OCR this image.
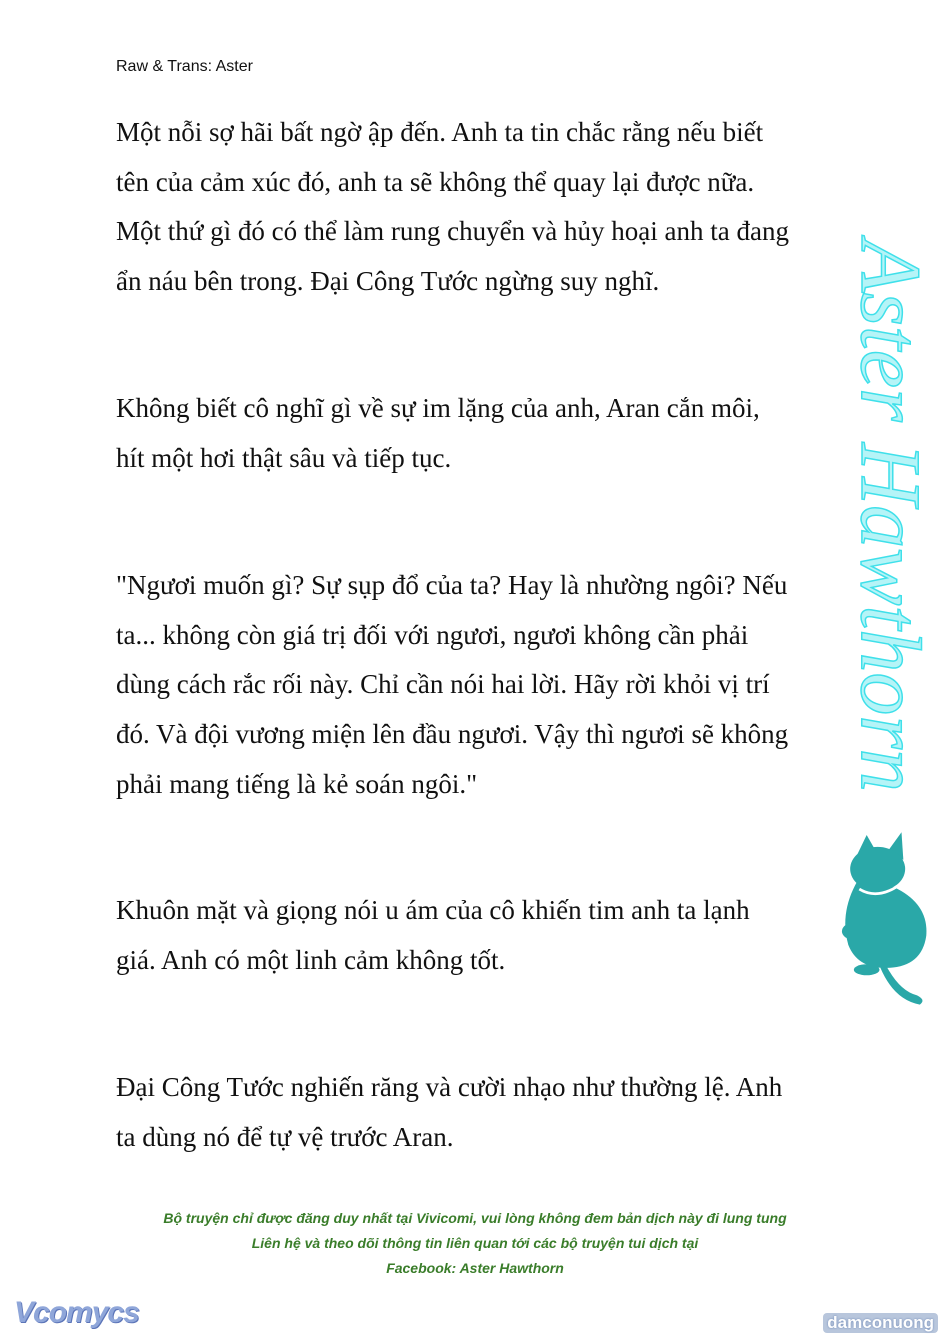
Raw & Trans: Aster
Một nỗi sợ hãi bất ngờ ập đến. Anh ta tin chắc rằng nếu biết
tên của cảm xúc đó, anh ta sẽ không thể quay lại được nữa.
Một thứ gì đó có thể làm rung chuyển và hủy hoại anh ta đang
ẩn náu bên trong. Đại Công Tước ngừng suy nghĩ.
Không biết cô nghĩ gì về sự im lặng của anh, Aran cắn môi,
hít một hơi thật sâu và tiếp tục.
"Ngươi muốn gì? Sự sụp đổ của ta? Hay là nhường ngôi? Nếu
ta... không còn giá trị đối với ngươi, ngươi không cần phải
dùng cách rắc rối này. Chỉ cần nói hai lời. Hãy rời khỏi vị trí
đó. Và đội vương miện lên đầu ngươi. Vậy thì ngươi sẽ không
phải mang tiếng là kẻ soán ngôi."
Khuôn mặt và giọng nói u ám của cô khiến tim anh ta lạnh
giá. Anh có một linh cảm không tốt.
Đại Công Tước nghiến răng và cười nhạo như thường lệ. Anh
ta dùng nó để tự vệ trước Aran.
Aster Hawthorn
Bộ truyện chỉ được đăng duy nhất tại Vivicomi, vui lòng không đem bản dịch này đi lung tung
Liên hệ và theo dõi thông tin liên quan tới các bộ truyện tui dịch tại
Facebook: Aster Hawthorn
Vcomycs	damconuong
